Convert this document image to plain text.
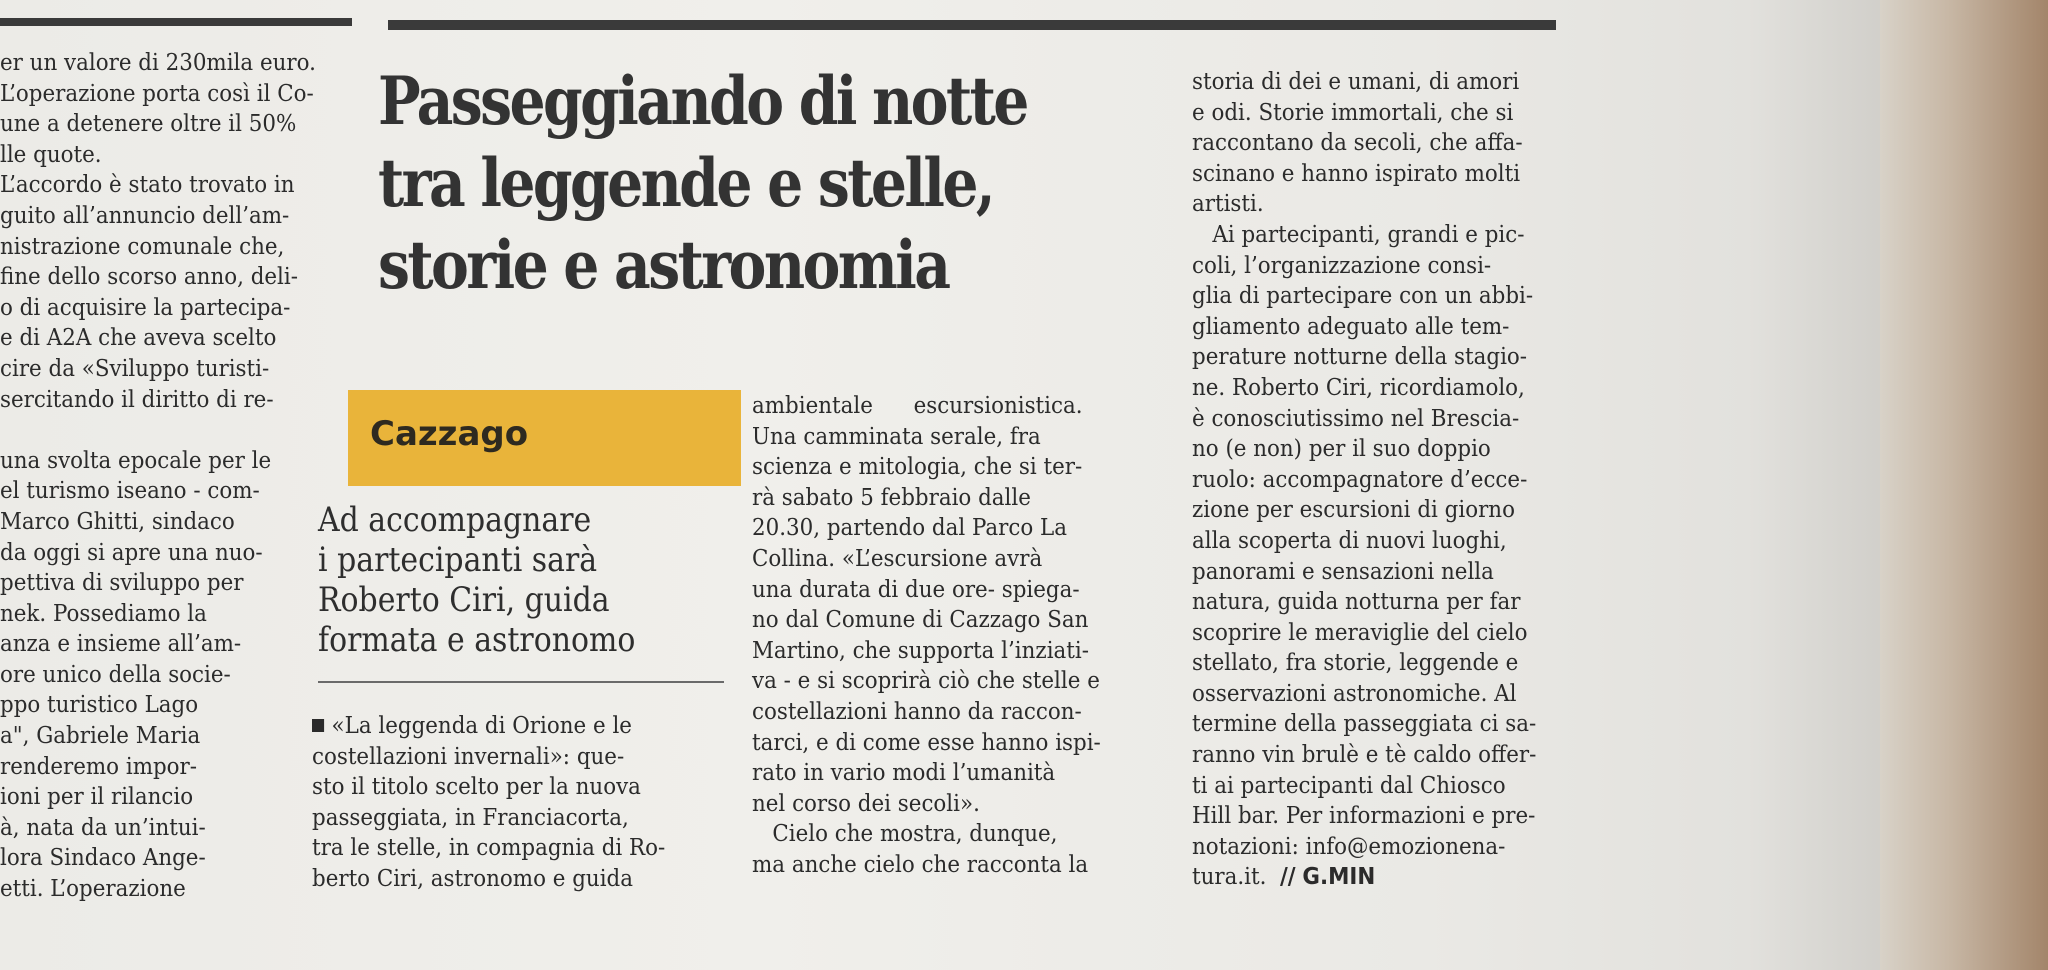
er un valore di 230mila euro.

L’operazione porta così il Co-

une a detenere oltre il 50%

lle quote.

L’accordo è stato trovato in

guito all’annuncio dell’am-

nistrazione comunale che,

fine dello scorso anno, deli-

o di acquisire la partecipa-

e di A2A che aveva scelto

cire da «Sviluppo turisti-

sercitando il diritto di re-

una svolta epocale per le

el turismo iseano - com-

Marco Ghitti, sindaco

da oggi si apre una nuo-

pettiva di sviluppo per

nek. Possediamo la

anza e insieme all’am-

ore unico della socie-

ppo turistico Lago

a", Gabriele Maria

renderemo impor-

ioni per il rilancio

à, nata da un’intui-

lora Sindaco Ange-

etti. L’operazione

Passeggiando di notte
tra leggende e stelle,
storie e astronomia
Cazzago
Ad accompagnare
i partecipanti sarà
Roberto Ciri, guida
formata e astronomo

«La leggenda di Orione e le

costellazioni invernali»: que-

sto il titolo scelto per la nuova

passeggiata, in Franciacorta,

tra le stelle, in compagnia di Ro-

berto Ciri, astronomo e guida

ambientale      escursionistica.

Una camminata serale, fra

scienza e mitologia, che si ter-

rà sabato 5 febbraio dalle

20.30, partendo dal Parco La

Collina. «L’escursione avrà

una durata di due ore- spiega-

no dal Comune di Cazzago San

Martino, che supporta l’inziati-

va - e si scoprirà ciò che stelle e

costellazioni hanno da raccon-

tarci, e di come esse hanno ispi-

rato in vario modi l’umanità

nel corso dei secoli».

Cielo che mostra, dunque,

ma anche cielo che racconta la

storia di dei e umani, di amori

e odi. Storie immortali, che si

raccontano da secoli, che affa-

scinano e hanno ispirato molti

artisti.

Ai partecipanti, grandi e pic-

coli, l’organizzazione consi-

glia di partecipare con un abbi-

gliamento adeguato alle tem-

perature notturne della stagio-

ne. Roberto Ciri, ricordiamolo,

è conosciutissimo nel Brescia-

no (e non) per il suo doppio

ruolo: accompagnatore d’ecce-

zione per escursioni di giorno

alla scoperta di nuovi luoghi,

panorami e sensazioni nella

natura, guida notturna per far

scoprire le meraviglie del cielo

stellato, fra storie, leggende e

osservazioni astronomiche. Al

termine della passeggiata ci sa-

ranno vin brulè e tè caldo offer-

ti ai partecipanti dal Chiosco

Hill bar. Per informazioni e pre-

notazioni: info@emozionena-

tura.it. // G.MIN
